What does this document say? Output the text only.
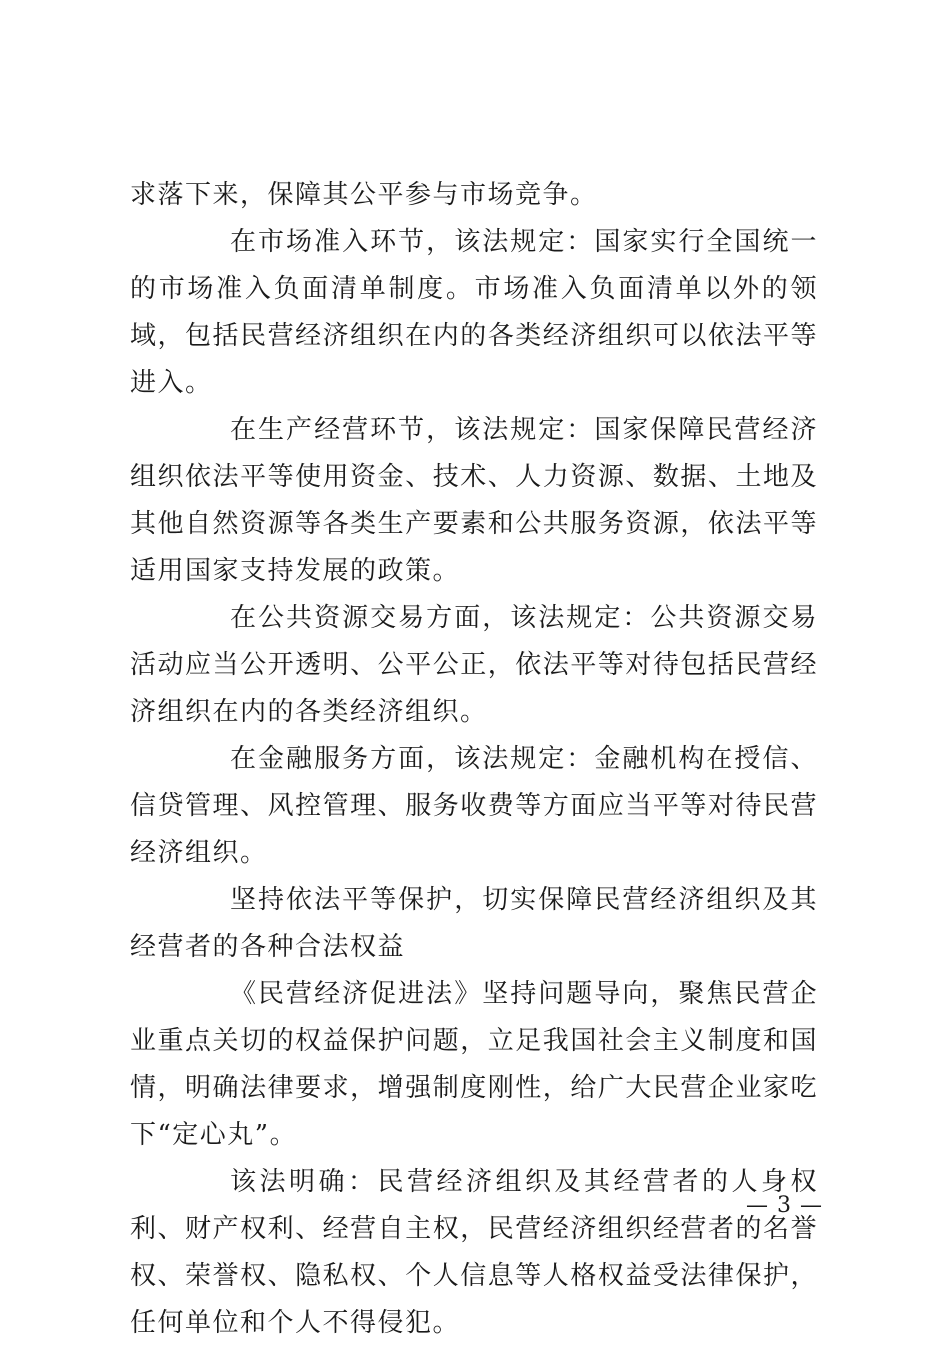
求落下来，保障其公平参与市场竞争。

在市场准入环节，该法规定：国家实行全国统一的市场准入负面清单制度。市场准入负面清单以外的领域，包括民营经济组织在内的各类经济组织可以依法平等进入。

在生产经营环节，该法规定：国家保障民营经济组织依法平等使用资金、技术、人力资源、数据、土地及其他自然资源等各类生产要素和公共服务资源，依法平等适用国家支持发展的政策。

在公共资源交易方面，该法规定：公共资源交易活动应当公开透明、公平公正，依法平等对待包括民营经济组织在内的各类经济组织。

在金融服务方面，该法规定：金融机构在授信、信贷管理、风控管理、服务收费等方面应当平等对待民营经济组织。

坚持依法平等保护，切实保障民营经济组织及其经营者的各种合法权益

《民营经济促进法》坚持问题导向，聚焦民营企业重点关切的权益保护问题，立足我国社会主义制度和国情，明确法律要求，增强制度刚性，给广大民营企业家吃下“定心丸”。

该法明确：民营经济组织及其经营者的人身权利、财产权利、经营自主权，民营经济组织经营者的名誉权、荣誉权、隐私权、个人信息等人格权益受法律保护，任何单位和个人不得侵犯。

— 3 —
